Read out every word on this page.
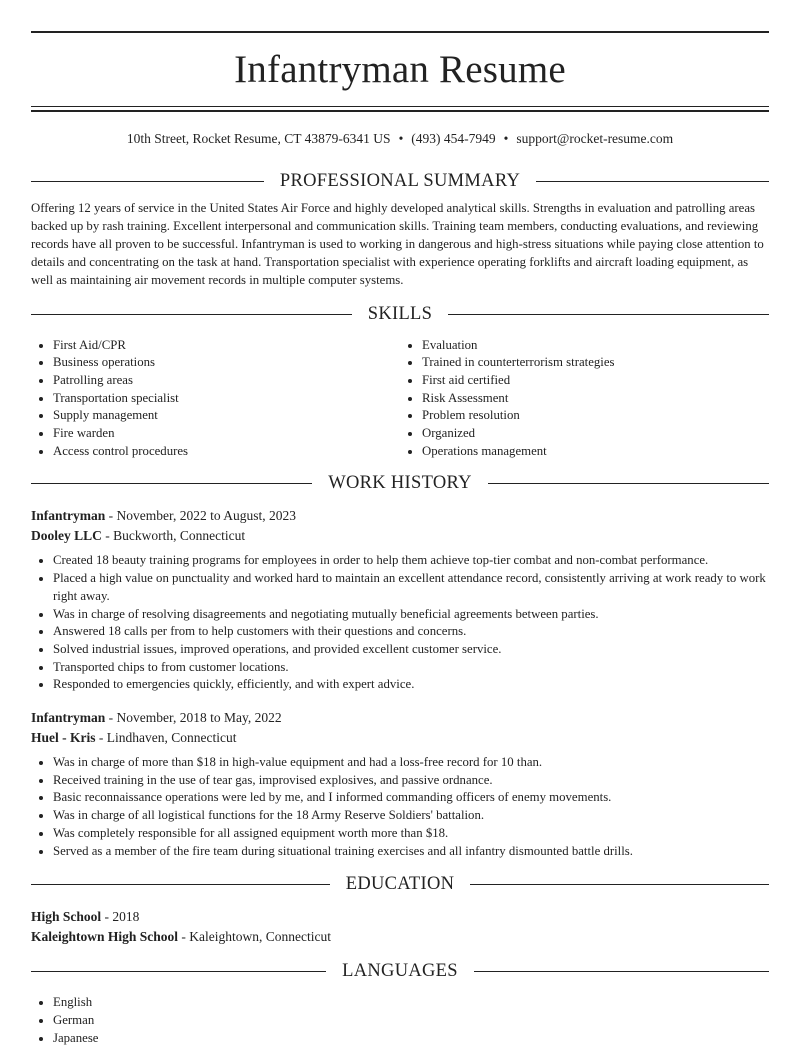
Infantryman Resume
10th Street, Rocket Resume, CT 43879-6341 US • (493) 454-7949 • support@rocket-resume.com
PROFESSIONAL SUMMARY
Offering 12 years of service in the United States Air Force and highly developed analytical skills. Strengths in evaluation and patrolling areas backed up by rash training. Excellent interpersonal and communication skills. Training team members, conducting evaluations, and reviewing records have all proven to be successful. Infantryman is used to working in dangerous and high-stress situations while paying close attention to details and concentrating on the task at hand. Transportation specialist with experience operating forklifts and aircraft loading equipment, as well as maintaining air movement records in multiple computer systems.
SKILLS
• First Aid/CPR
• Business operations
• Patrolling areas
• Transportation specialist
• Supply management
• Fire warden
• Access control procedures
• Evaluation
• Trained in counterterrorism strategies
• First aid certified
• Risk Assessment
• Problem resolution
• Organized
• Operations management
WORK HISTORY
Infantryman - November, 2022 to August, 2023
Dooley LLC - Buckworth, Connecticut
• Created 18 beauty training programs for employees in order to help them achieve top-tier combat and non-combat performance.
• Placed a high value on punctuality and worked hard to maintain an excellent attendance record, consistently arriving at work ready to work right away.
• Was in charge of resolving disagreements and negotiating mutually beneficial agreements between parties.
• Answered 18 calls per from to help customers with their questions and concerns.
• Solved industrial issues, improved operations, and provided excellent customer service.
• Transported chips to from customer locations.
• Responded to emergencies quickly, efficiently, and with expert advice.
Infantryman - November, 2018 to May, 2022
Huel - Kris - Lindhaven, Connecticut
• Was in charge of more than $18 in high-value equipment and had a loss-free record for 10 than.
• Received training in the use of tear gas, improvised explosives, and passive ordnance.
• Basic reconnaissance operations were led by me, and I informed commanding officers of enemy movements.
• Was in charge of all logistical functions for the 18 Army Reserve Soldiers' battalion.
• Was completely responsible for all assigned equipment worth more than $18.
• Served as a member of the fire team during situational training exercises and all infantry dismounted battle drills.
EDUCATION
High School - 2018
Kaleightown High School - Kaleightown, Connecticut
LANGUAGES
• English
• German
• Japanese
